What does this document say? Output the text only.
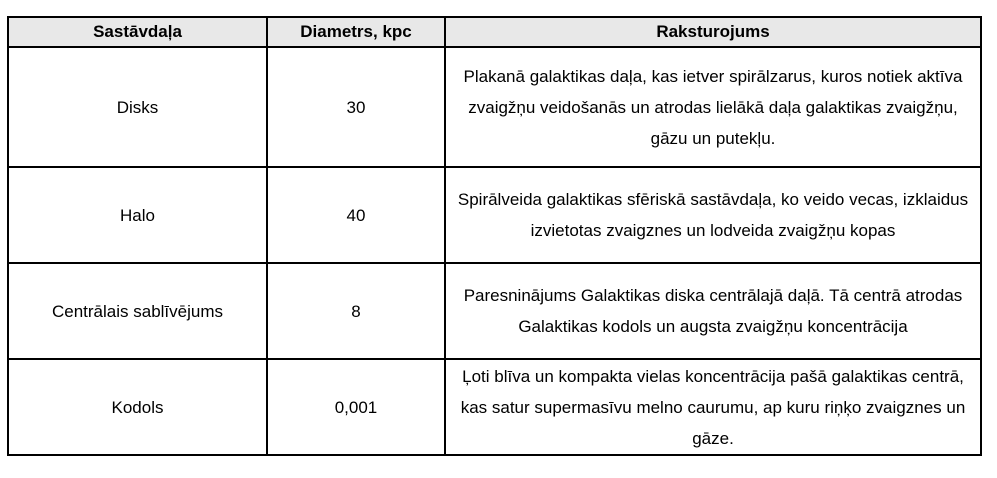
Sastāvdaļa	Diametrs, kpc	Raksturojums
Disks	30	Plakanā galaktikas daļa, kas ietver spirālzarus, kuros notiek aktīva zvaigžņu veidošanās un atrodas lielākā daļa galaktikas zvaigžņu, gāzu un putekļu.
Halo	40	Spirālveida galaktikas sfēriskā sastāvdaļa, ko veido vecas, izklaidus izvietotas zvaigznes un lodveida zvaigžņu kopas
Centrālais sablīvējums	8	Paresninājums Galaktikas diska centrālajā daļā. Tā centrā atrodas Galaktikas kodols un augsta zvaigžņu koncentrācija
Kodols	0,001	Ļoti blīva un kompakta vielas koncentrācija pašā galaktikas centrā, kas satur supermasīvu melno caurumu, ap kuru riņķo zvaigznes un gāze.
